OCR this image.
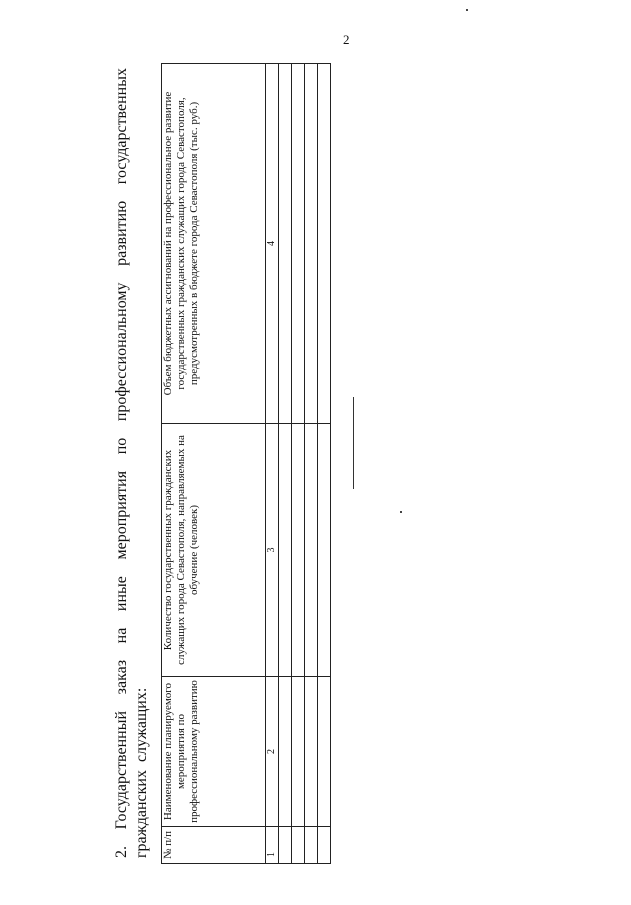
2
2. Государственный заказ на иные мероприятия по профессиональному развитию государственных гражданских служащих: № п/п	Наименование планируемого мероприятия по профессиональному развитию	Количество государственных гражданских служащих города Севастополя, направляемых на обучение (человек)	Объем бюджетных ассигнований на профессиональное развитие государственных гражданских служащих города Севастополя, предусмотренных в бюджете города Севастополя (тыс. руб.)
1	2	3	4
